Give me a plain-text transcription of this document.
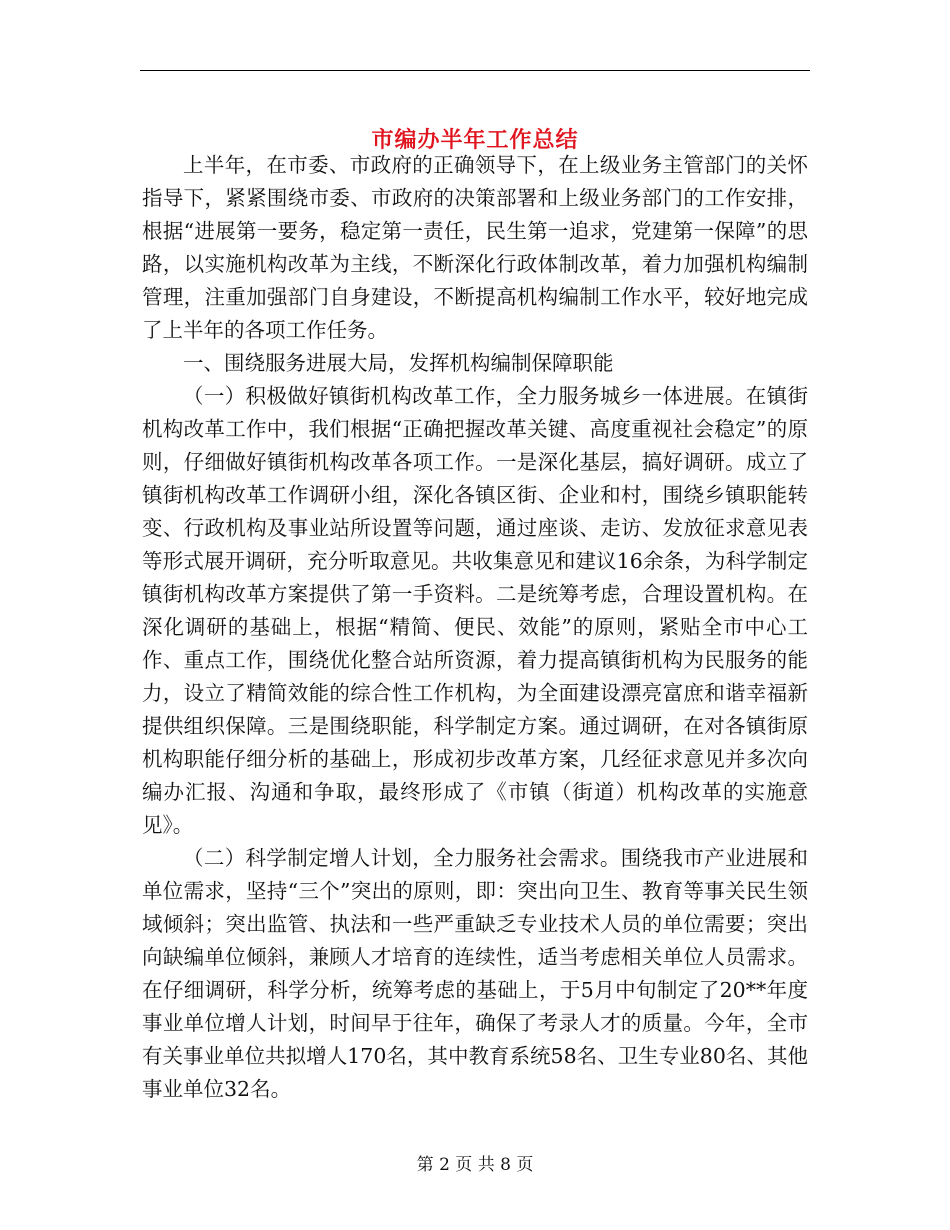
市编办半年工作总结

上半年，在市委、市政府的正确领导下，在上级业务主管部门的关怀指导下，紧紧围绕市委、市政府的决策部署和上级业务部门的工作安排，根据“进展第一要务，稳定第一责任，民生第一追求，党建第一保障”的思路，以实施机构改革为主线，不断深化行政体制改革，着力加强机构编制管理，注重加强部门自身建设，不断提高机构编制工作水平，较好地完成了上半年的各项工作任务。

一、围绕服务进展大局，发挥机构编制保障职能

（一）积极做好镇街机构改革工作，全力服务城乡一体进展。在镇街机构改革工作中，我们根据“正确把握改革关键、高度重视社会稳定”的原则，仔细做好镇街机构改革各项工作。一是深化基层，搞好调研。成立了镇街机构改革工作调研小组，深化各镇区街、企业和村，围绕乡镇职能转变、行政机构及事业站所设置等问题，通过座谈、走访、发放征求意见表等形式展开调研，充分听取意见。共收集意见和建议16余条，为科学制定镇街机构改革方案提供了第一手资料。二是统筹考虑，合理设置机构。在深化调研的基础上，根据“精简、便民、效能”的原则，紧贴全市中心工作、重点工作，围绕优化整合站所资源，着力提高镇街机构为民服务的能力，设立了精简效能的综合性工作机构，为全面建设漂亮富庶和谐幸福新提供组织保障。三是围绕职能，科学制定方案。通过调研，在对各镇街原机构职能仔细分析的基础上，形成初步改革方案，几经征求意见并多次向编办汇报、沟通和争取，最终形成了《市镇（街道）机构改革的实施意见》。

（二）科学制定增人计划，全力服务社会需求。围绕我市产业进展和单位需求，坚持“三个”突出的原则，即：突出向卫生、教育等事关民生领域倾斜；突出监管、执法和一些严重缺乏专业技术人员的单位需要；突出向缺编单位倾斜，兼顾人才培育的连续性，适当考虑相关单位人员需求。在仔细调研，科学分析，统筹考虑的基础上，于5月中旬制定了20**年度事业单位增人计划，时间早于往年，确保了考录人才的质量。今年，全市有关事业单位共拟增人170名，其中教育系统58名、卫生专业80名、其他事业单位32名。

第 2 页 共 8 页
